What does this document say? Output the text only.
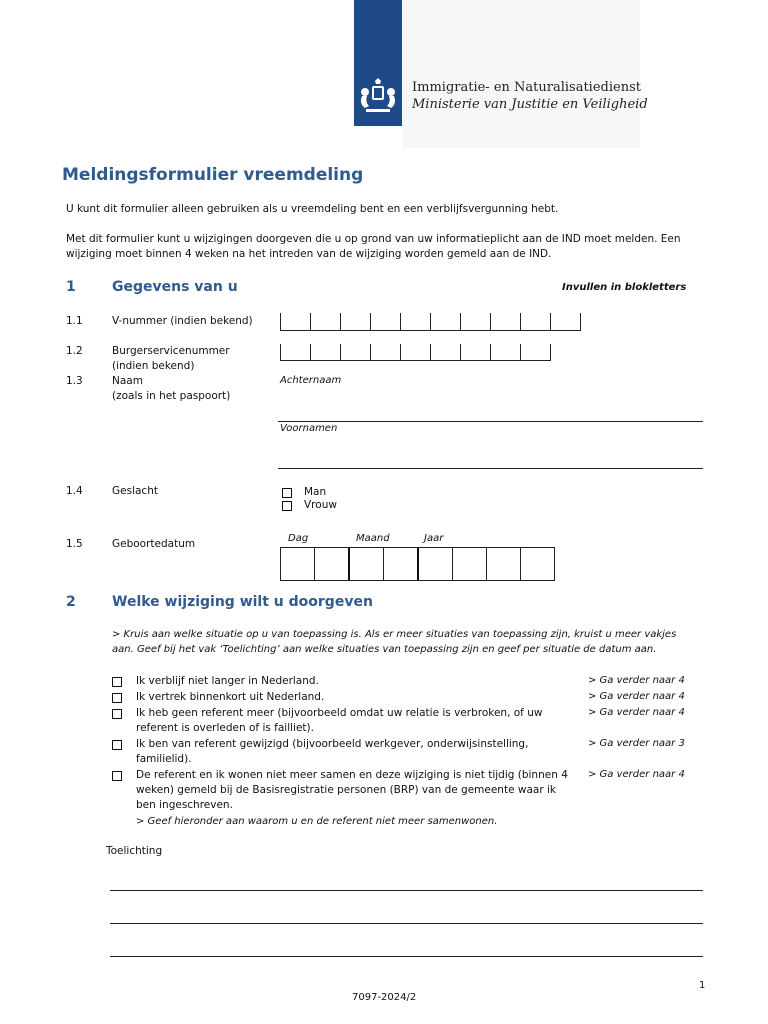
Immigratie- en Naturalisatiedienst
Ministerie van Justitie en Veiligheid
Meldingsformulier vreemdeling
U kunt dit formulier alleen gebruiken als u vreemdeling bent en een verblijfsvergunning hebt.
Met dit formulier kunt u wijzigingen doorgeven die u op grond van uw informatieplicht aan de IND moet melden. Een
wijziging moet binnen 4 weken na het intreden van de wijziging worden gemeld aan de IND.
1	Gegevens van u	Invullen in blokletters
1.1	V-nummer (indien bekend)
1.2	Burgerservicenummer
(indien bekend)
1.3	Naam
(zoals in het paspoort)
Achternaam
Voornamen
1.4	Geslacht	Man
Vrouw
1.5	Geboortedatum	Dag	Maand	Jaar
2	Welke wijziging wilt u doorgeven
> Kruis aan welke situatie op u van toepassing is. Als er meer situaties van toepassing zijn, kruist u meer vakjes
aan. Geef bij het vak ‘Toelichting’ aan welke situaties van toepassing zijn en geef per situatie de datum aan.
Ik verblijf niet langer in Nederland.	> Ga verder naar 4
Ik vertrek binnenkort uit Nederland.	> Ga verder naar 4
Ik heb geen referent meer (bijvoorbeeld omdat uw relatie is verbroken, of uw
referent is overleden of is failliet).
> Ga verder naar 4
Ik ben van referent gewijzigd (bijvoorbeeld werkgever, onderwijsinstelling,
familielid).
> Ga verder naar 3
De referent en ik wonen niet meer samen en deze wijziging is niet tijdig (binnen 4
weken) gemeld bij de Basisregistratie personen (BRP) van de gemeente waar ik
ben ingeschreven.
> Geef hieronder aan waarom u en de referent niet meer samenwonen.
> Ga verder naar 4
Toelichting
1
7097-2024/2
